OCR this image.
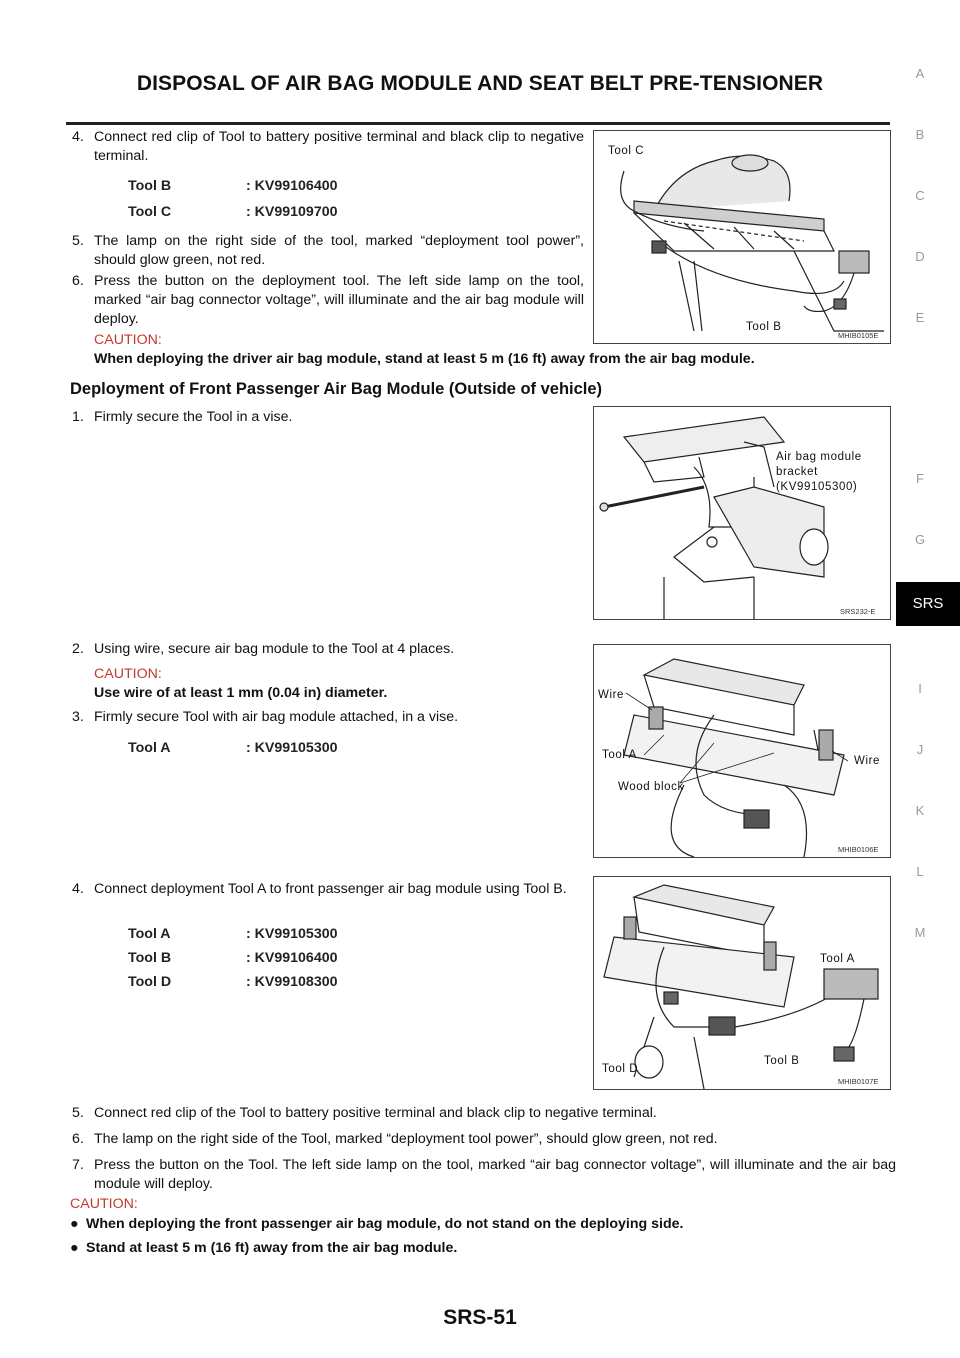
DISPOSAL OF AIR BAG MODULE AND SEAT BELT PRE-TENSIONER	A
B
C
D
E
F
G
SRS
I
J
K
L
M
4. Connect red clip of Tool to battery positive terminal and black clip to negative terminal.
Tool B	: KV99106400
Tool C	: KV99109700
5. The lamp on the right side of the tool, marked “deployment tool power”, should glow green, not red.
6. Press the button on the deployment tool. The left side lamp on the tool, marked “air bag connector voltage”, will illuminate and the air bag module will deploy.
CAUTION:
When deploying the driver air bag module, stand at least 5 m (16 ft) away from the air bag module.
Tool C
Tool B
MHIB0105E
Deployment of Front Passenger Air Bag Module (Outside of vehicle)
1. Firmly secure the Tool in a vise.
Air bag module
bracket
(KV99105300)
SRS232-E
2. Using wire, secure air bag module to the Tool at 4 places.
CAUTION:
Use wire of at least 1 mm (0.04 in) diameter.
3. Firmly secure Tool with air bag module attached, in a vise.
Tool A	: KV99105300
Wire
Tool A
Wood block
Wire
MHIB0106E
4. Connect deployment Tool A to front passenger air bag module using Tool B.
Tool A	: KV99105300
Tool B	: KV99106400
Tool D	: KV99108300
Tool A
Tool B
Tool D
MHIB0107E
5. Connect red clip of the Tool to battery positive terminal and black clip to negative terminal.
6. The lamp on the right side of the Tool, marked “deployment tool power”, should glow green, not red.
7. Press the button on the Tool. The left side lamp on the tool, marked “air bag connector voltage”, will illuminate and the air bag module will deploy.
CAUTION:
● When deploying the front passenger air bag module, do not stand on the deploying side.
● Stand at least 5 m (16 ft) away from the air bag module.
SRS-51
